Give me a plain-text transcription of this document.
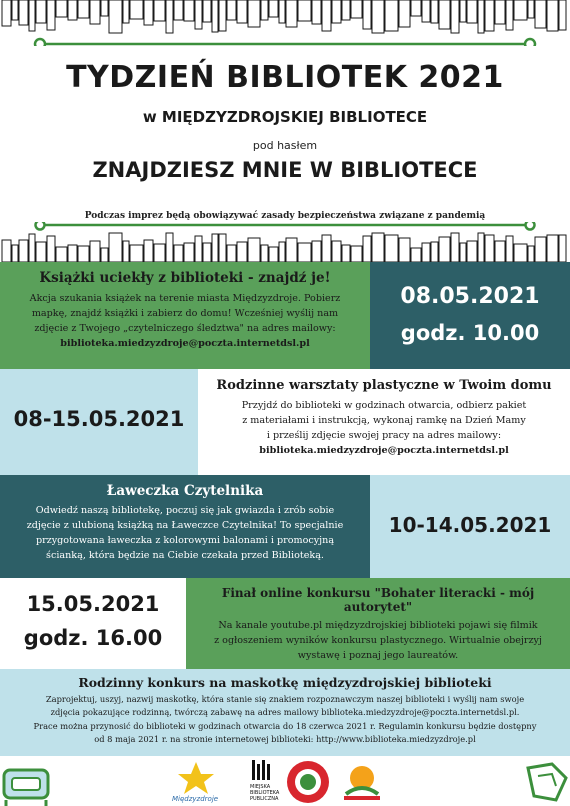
TYDZIEŃ BIBLIOTEK 2021
w MIĘDZYZDROJSKIEJ BIBLIOTECE
pod hasłem
ZNAJDZIESZ MNIE W BIBLIOTECE
Podczas imprez będą obowiązywać zasady bezpieczeństwa związane z pandemią
Książki uciekły z biblioteki - znajdź je!
Akcja szukania książek na terenie miasta Międzyzdroje. Pobierz
mapkę, znajdź książki i zabierz do domu! Wcześniej wyślij nam
zdjęcie z Twojego „czytelniczego śledztwa" na adres mailowy:
biblioteka.miedzyzdroje@poczta.internetdsl.pl
08.05.2021
godz. 10.00
08-15.05.2021
Rodzinne warsztaty plastyczne w Twoim domu
Przyjdź do biblioteki w godzinach otwarcia, odbierz pakiet
z materiałami i instrukcją, wykonaj ramkę na Dzień Mamy
i prześlij zdjęcie swojej pracy na adres mailowy:
biblioteka.miedzyzdroje@poczta.internetdsl.pl
Ławeczka Czytelnika
Odwiedź naszą bibliotekę, poczuj się jak gwiazda i zrób sobie
zdjęcie z ulubioną książką na Ławeczce Czytelnika! To specjalnie
przygotowana ławeczka z kolorowymi balonami i promocyjną
ścianką, która będzie na Ciebie czekała przed Biblioteką.
10-14.05.2021
15.05.2021
godz. 16.00
Finał online konkursu "Bohater literacki - mój autorytet"
Na kanale youtube.pl międzyzdrojskiej biblioteki pojawi się filmik
z ogłoszeniem wyników konkursu plastycznego. Wirtualnie obejrzyj
wystawę i poznaj jego laureatów.
Rodzinny konkurs na maskotkę międzyzdrojskiej biblioteki
Zaprojektuj, uszyj, nazwij maskotkę, która stanie się znakiem rozpoznawczym naszej biblioteki i wyślij nam swoje
zdjęcia pokazujące rodzinną, twórczą zabawę na adres mailowy biblioteka.miedzyzdroje@poczta.internetdsl.pl.
Prace można przynosić do biblioteki w godzinach otwarcia do 18 czerwca 2021 r. Regulamin konkursu będzie dostępny
od 8 maja 2021 r. na stronie internetowej biblioteki: http://www.biblioteka.miedzyzdroje.pl
Międzyzdroje
MIEJSKA
BIBLIOTEKA
PUBLICZNA
